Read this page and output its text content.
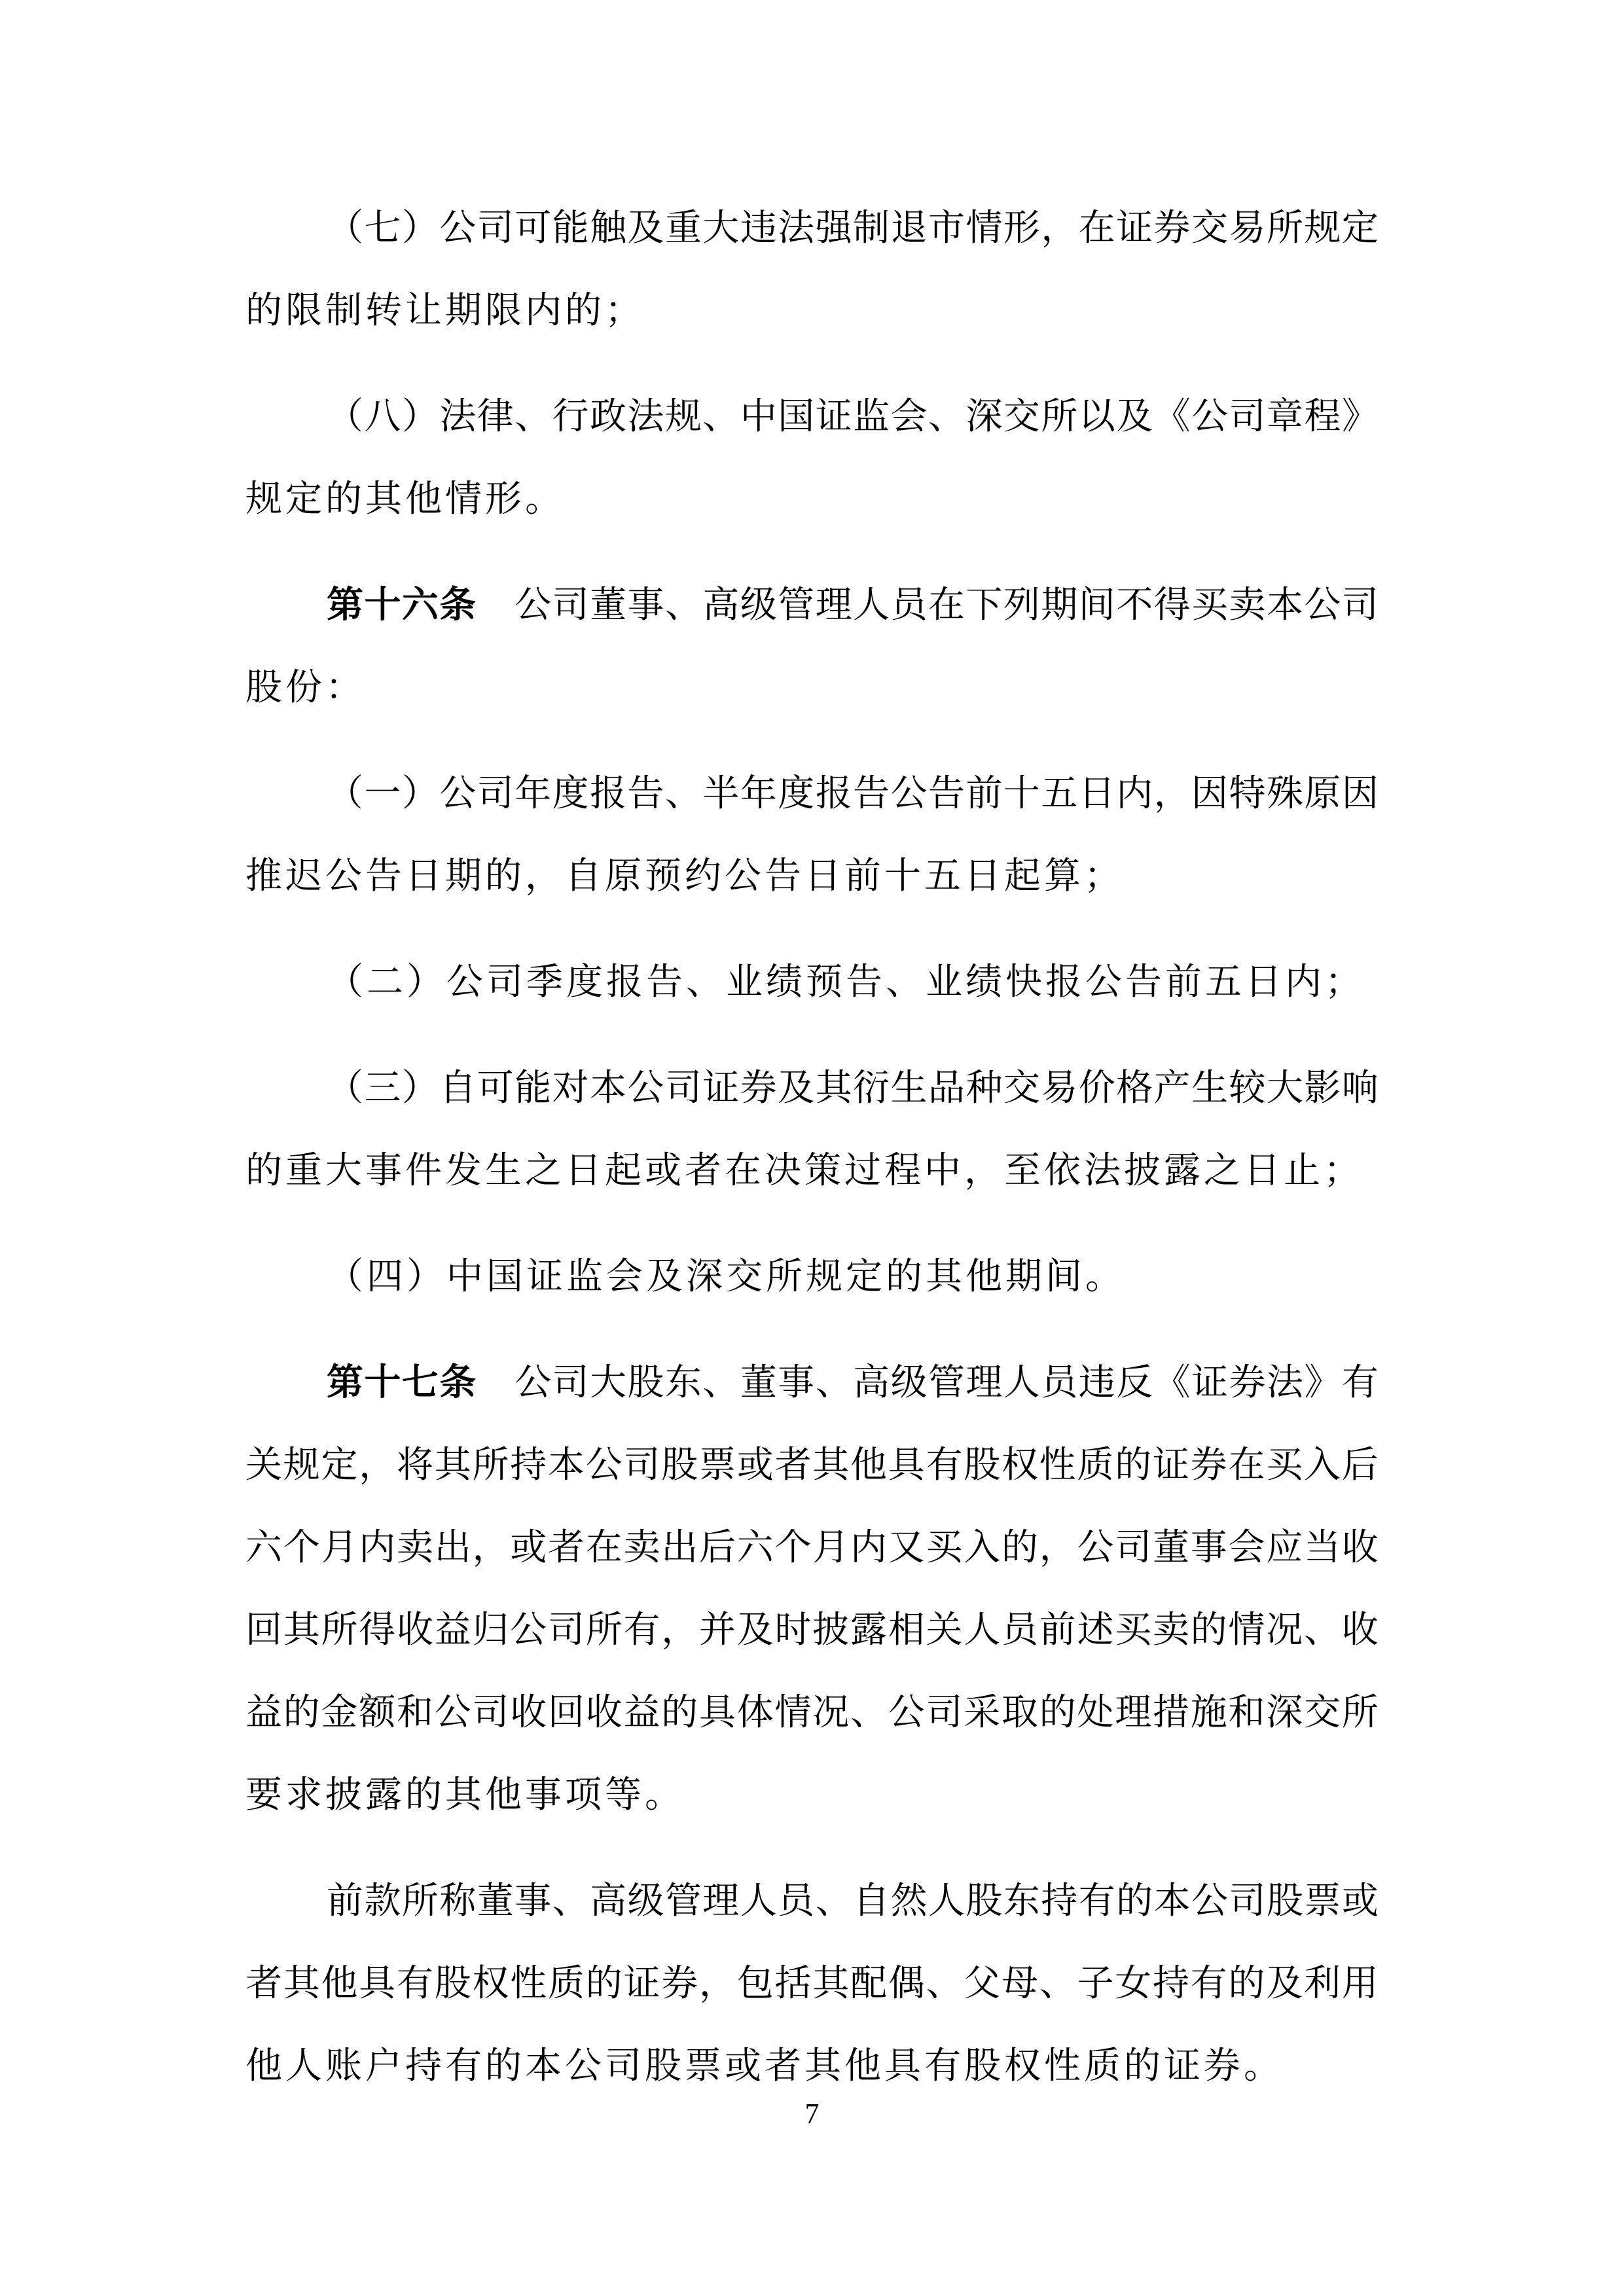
（ 七 ） 公 司 可 能 触 及 重 大 违 法 强 制 退 市 情 形 ， 在 证 券 交 易 所 规 定
的限制转让期限内的；
（ 八 ） 法 律 、 行 政 法 规 、 中 国 证 监 会 、 深 交 所 以 及 《 公 司 章 程 》
规定的其他情形。
第 十 六 条
　 公 司 董 事 、 高 级 管 理 人 员 在 下 列 期 间 不 得 买 卖 本 公 司
股份：
（ 一 ） 公 司 年 度 报 告 、 半 年 度 报 告 公 告 前 十 五 日 内 ， 因 特 殊 原 因
推迟公告日期的，自原预约公告日前十五日起算；
（二）公司季度报告、业绩预告、业绩快报公告前五日内；
（ 三 ） 自 可 能 对 本 公 司 证 券 及 其 衍 生 品 种 交 易 价 格 产 生 较 大 影 响
的重大事件发生之日起或者在决策过程中，至依法披露之日止；
（四）中国证监会及深交所规定的其他期间。
第 十 七 条
　 公 司 大 股 东 、 董 事 、 高 级 管 理 人 员 违 反 《 证 券 法 》 有
关 规 定 ， 将 其 所 持 本 公 司 股 票 或 者 其 他 具 有 股 权 性 质 的 证 券 在 买 入 后
六 个 月 内 卖 出 ， 或 者 在 卖 出 后 六 个 月 内 又 买 入 的 ， 公 司 董 事 会 应 当 收
回 其 所 得 收 益 归 公 司 所 有 ， 并 及 时 披 露 相 关 人 员 前 述 买 卖 的 情 况 、 收
益 的 金 额 和 公 司 收 回 收 益 的 具 体 情 况 、 公 司 采 取 的 处 理 措 施 和 深 交 所
要求披露的其他事项等。
前 款 所 称 董 事 、 高 级 管 理 人 员 、 自 然 人 股 东 持 有 的 本 公 司 股 票 或
者 其 他 具 有 股 权 性 质 的 证 券 ， 包 括 其 配 偶 、 父 母 、 子 女 持 有 的 及 利 用
他人账户持有的本公司股票或者其他具有股权性质的证券。
7
